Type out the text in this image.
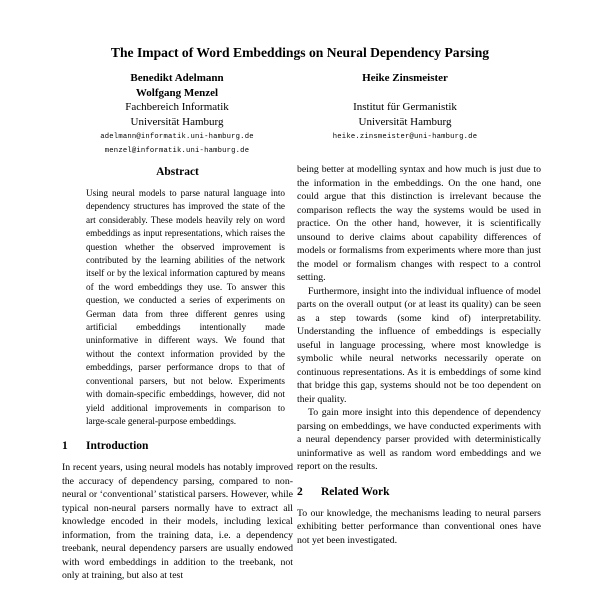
The Impact of Word Embeddings on Neural Dependency Parsing
Benedikt Adelmann
Wolfgang Menzel
Fachbereich Informatik
Universität Hamburg
adelmann@informatik.uni-hamburg.de
menzel@informatik.uni-hamburg.de
Heike Zinsmeister
Institut für Germanistik
Universität Hamburg
heike.zinsmeister@uni-hamburg.de
Abstract

Using neural models to parse natural language into dependency structures has improved the state of the art considerably. These models heavily rely on word embeddings as input representations, which raises the question whether the observed improvement is contributed by the learning abilities of the network itself or by the lexical information captured by means of the word embeddings they use. To answer this question, we conducted a series of experiments on German data from three different genres using artificial embeddings intentionally made uninformative in different ways. We found that without the context information provided by the embeddings, parser performance drops to that of conventional parsers, but not below. Experiments with domain-specific embeddings, however, did not yield additional improvements in comparison to large-scale general-purpose embeddings.

1 Introduction

In recent years, using neural models has notably improved the accuracy of dependency parsing, compared to non-neural or ‘conventional’ statistical parsers. However, while typical non-neural parsers normally have to extract all knowledge encoded in their models, including lexical information, from the training data, i.e. a dependency treebank, neural dependency parsers are usually endowed with word embeddings in addition to the treebank, not only at training, but also at test

being better at modelling syntax and how much is just due to the information in the embeddings. On the one hand, one could argue that this distinction is irrelevant because the comparison reflects the way the systems would be used in practice. On the other hand, however, it is scientifically unsound to derive claims about capability differences of models or formalisms from experiments where more than just the model or formalism changes with respect to a control setting.

Furthermore, insight into the individual influence of model parts on the overall output (or at least its quality) can be seen as a step towards (some kind of) interpretability. Understanding the influence of embeddings is especially useful in language processing, where most knowledge is symbolic while neural networks necessarily operate on continuous representations. As it is embeddings of some kind that bridge this gap, systems should not be too dependent on their quality.

To gain more insight into this dependence of dependency parsing on embeddings, we have conducted experiments with a neural dependency parser provided with deterministically uninformative as well as random word embeddings and we report on the results.

2 Related Work

To our knowledge, the mechanisms leading to neural parsers exhibiting better performance than conventional ones have not yet been investigated.
